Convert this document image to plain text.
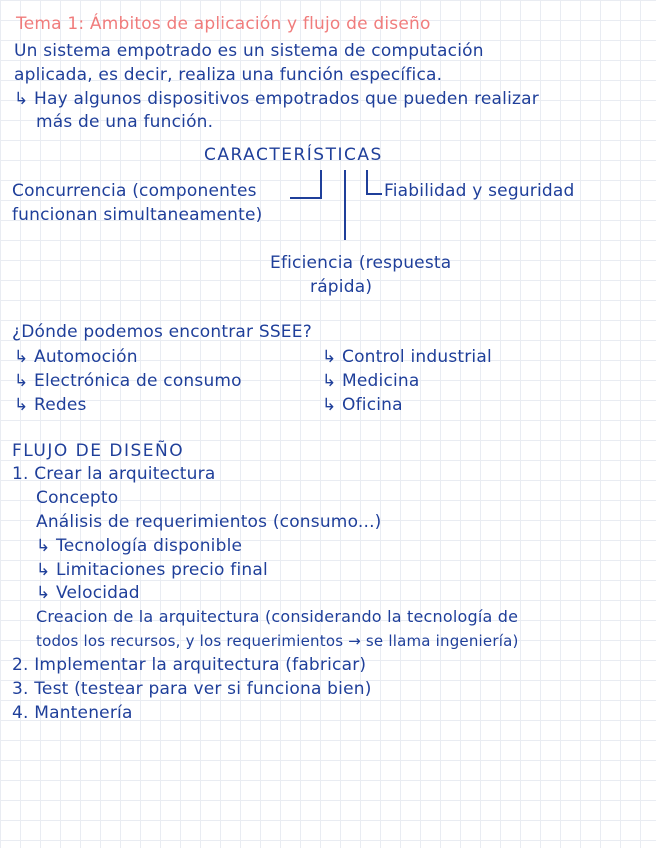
Tema 1: Ámbitos de aplicación y flujo de diseño
Un sistema empotrado es un sistema de computación
aplicada, es decir, realiza una función específica.
↳ Hay algunos dispositivos empotrados que pueden realizar
más de una función.
CARACTERÍSTICAS
Concurrencia (componentes
funcionan simultaneamente)
Fiabilidad y seguridad
Eficiencia (respuesta
rápida)
¿Dónde podemos encontrar SSEE?
↳ Automoción
↳ Electrónica de consumo
↳ Redes
↳ Control industrial
↳ Medicina
↳ Oficina
FLUJO DE DISEÑO
1. Crear la arquitectura
Concepto
Análisis de requerimientos (consumo...)
↳ Tecnología disponible
↳ Limitaciones precio final
↳ Velocidad
Creacion de la arquitectura (considerando la tecnología de
todos los recursos, y los requerimientos → se llama ingeniería)
2. Implementar la arquitectura (fabricar)
3. Test (testear para ver si funciona bien)
4. Mantenería
